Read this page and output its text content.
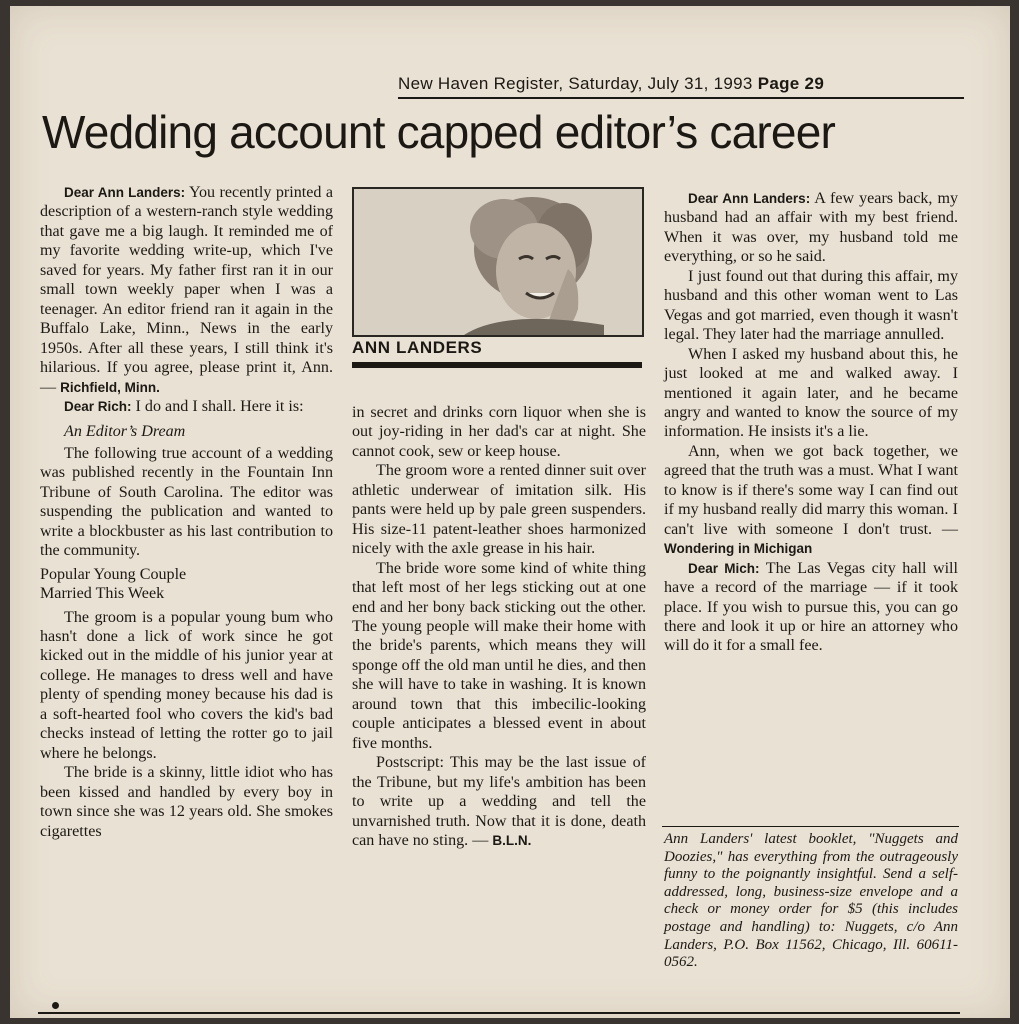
New Haven Register, Saturday, July 31, 1993 Page 29
Wedding account capped editor’s career

Dear Ann Landers: You recently printed a description of a western-ranch style wedding that gave me a big laugh. It reminded me of my favorite wedding write-up, which I've saved for years. My father first ran it in our small town weekly paper when I was a teenager. An editor friend ran it again in the Buffalo Lake, Minn., News in the early 1950s. After all these years, I still think it's hilarious. If you agree, please print it, Ann. — Richfield, Minn.

Dear Rich: I do and I shall. Here it is:

An Editor’s Dream

The following true account of a wedding was published recently in the Fountain Inn Tribune of South Carolina. The editor was suspending the publication and wanted to write a blockbuster as his last contribution to the community.

Popular Young Couple

Married This Week

The groom is a popular young bum who hasn't done a lick of work since he got kicked out in the middle of his junior year at college. He manages to dress well and have plenty of spending money because his dad is a soft-hearted fool who covers the kid's bad checks instead of letting the rotter go to jail where he belongs.

The bride is a skinny, little idiot who has been kissed and handled by every boy in town since she was 12 years old. She smokes cigarettes

ANN LANDERS

in secret and drinks corn liquor when she is out joy-riding in her dad's car at night. She cannot cook, sew or keep house.

The groom wore a rented dinner suit over athletic underwear of imitation silk. His pants were held up by pale green suspenders. His size-11 patent-leather shoes harmonized nicely with the axle grease in his hair.

The bride wore some kind of white thing that left most of her legs sticking out at one end and her bony back sticking out the other. The young people will make their home with the bride's parents, which means they will sponge off the old man until he dies, and then she will have to take in washing. It is known around town that this imbecilic-looking couple anticipates a blessed event in about five months.

Postscript: This may be the last issue of the Tribune, but my life's ambition has been to write up a wedding and tell the unvarnished truth. Now that it is done, death can have no sting. — B.L.N.

Dear Ann Landers: A few years back, my husband had an affair with my best friend. When it was over, my husband told me everything, or so he said.

I just found out that during this affair, my husband and this other woman went to Las Vegas and got married, even though it wasn't legal. They later had the marriage annulled.

When I asked my husband about this, he just looked at me and walked away. I mentioned it again later, and he became angry and wanted to know the source of my information. He insists it's a lie.

Ann, when we got back together, we agreed that the truth was a must. What I want to know is if there's some way I can find out if my husband really did marry this woman. I can't live with someone I don't trust. — Wondering in Michigan

Dear Mich: The Las Vegas city hall will have a record of the marriage — if it took place. If you wish to pursue this, you can go there and look it up or hire an attorney who will do it for a small fee.

Ann Landers' latest booklet, "Nuggets and Doozies," has everything from the outrageously funny to the poignantly insightful. Send a self-addressed, long, business-size envelope and a check or money order for $5 (this includes postage and handling) to: Nuggets, c/o Ann Landers, P.O. Box 11562, Chicago, Ill. 60611-0562.
